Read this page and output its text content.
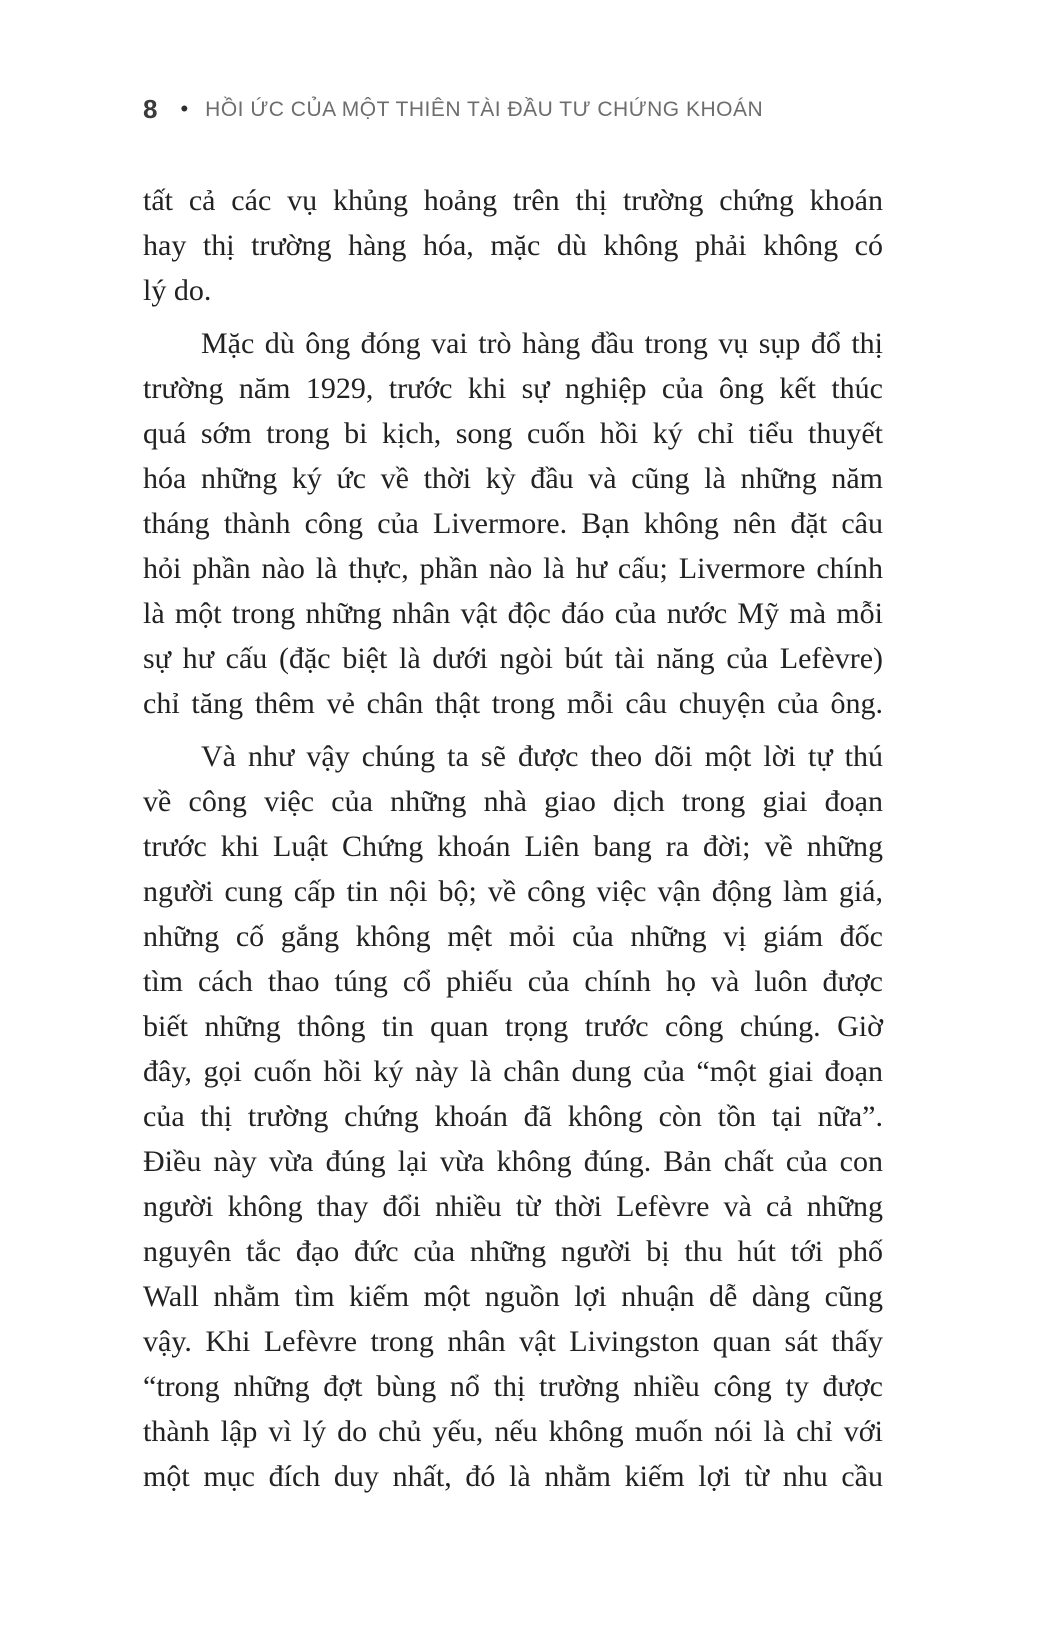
8 • HỒI ỨC CỦA MỘT THIÊN TÀI ĐẦU TƯ CHỨNG KHOÁN
tất cả các vụ khủng hoảng trên thị trường chứng khoán
hay thị trường hàng hóa, mặc dù không phải không có
lý do.
Mặc dù ông đóng vai trò hàng đầu trong vụ sụp đổ thị
trường năm 1929, trước khi sự nghiệp của ông kết thúc
quá sớm trong bi kịch, song cuốn hồi ký chỉ tiểu thuyết
hóa những ký ức về thời kỳ đầu và cũng là những năm
tháng thành công của Livermore. Bạn không nên đặt câu
hỏi phần nào là thực, phần nào là hư cấu; Livermore chính
là một trong những nhân vật độc đáo của nước Mỹ mà mỗi
sự hư cấu (đặc biệt là dưới ngòi bút tài năng của Lefèvre)
chỉ tăng thêm vẻ chân thật trong mỗi câu chuyện của ông.
Và như vậy chúng ta sẽ được theo dõi một lời tự thú
về công việc của những nhà giao dịch trong giai đoạn
trước khi Luật Chứng khoán Liên bang ra đời; về những
người cung cấp tin nội bộ; về công việc vận động làm giá,
những cố gắng không mệt mỏi của những vị giám đốc
tìm cách thao túng cổ phiếu của chính họ và luôn được
biết những thông tin quan trọng trước công chúng. Giờ
đây, gọi cuốn hồi ký này là chân dung của “một giai đoạn
của thị trường chứng khoán đã không còn tồn tại nữa”.
Điều này vừa đúng lại vừa không đúng. Bản chất của con
người không thay đổi nhiều từ thời Lefèvre và cả những
nguyên tắc đạo đức của những người bị thu hút tới phố
Wall nhằm tìm kiếm một nguồn lợi nhuận dễ dàng cũng
vậy. Khi Lefèvre trong nhân vật Livingston quan sát thấy
“trong những đợt bùng nổ thị trường nhiều công ty được
thành lập vì lý do chủ yếu, nếu không muốn nói là chỉ với
một mục đích duy nhất, đó là nhằm kiếm lợi từ nhu cầu
